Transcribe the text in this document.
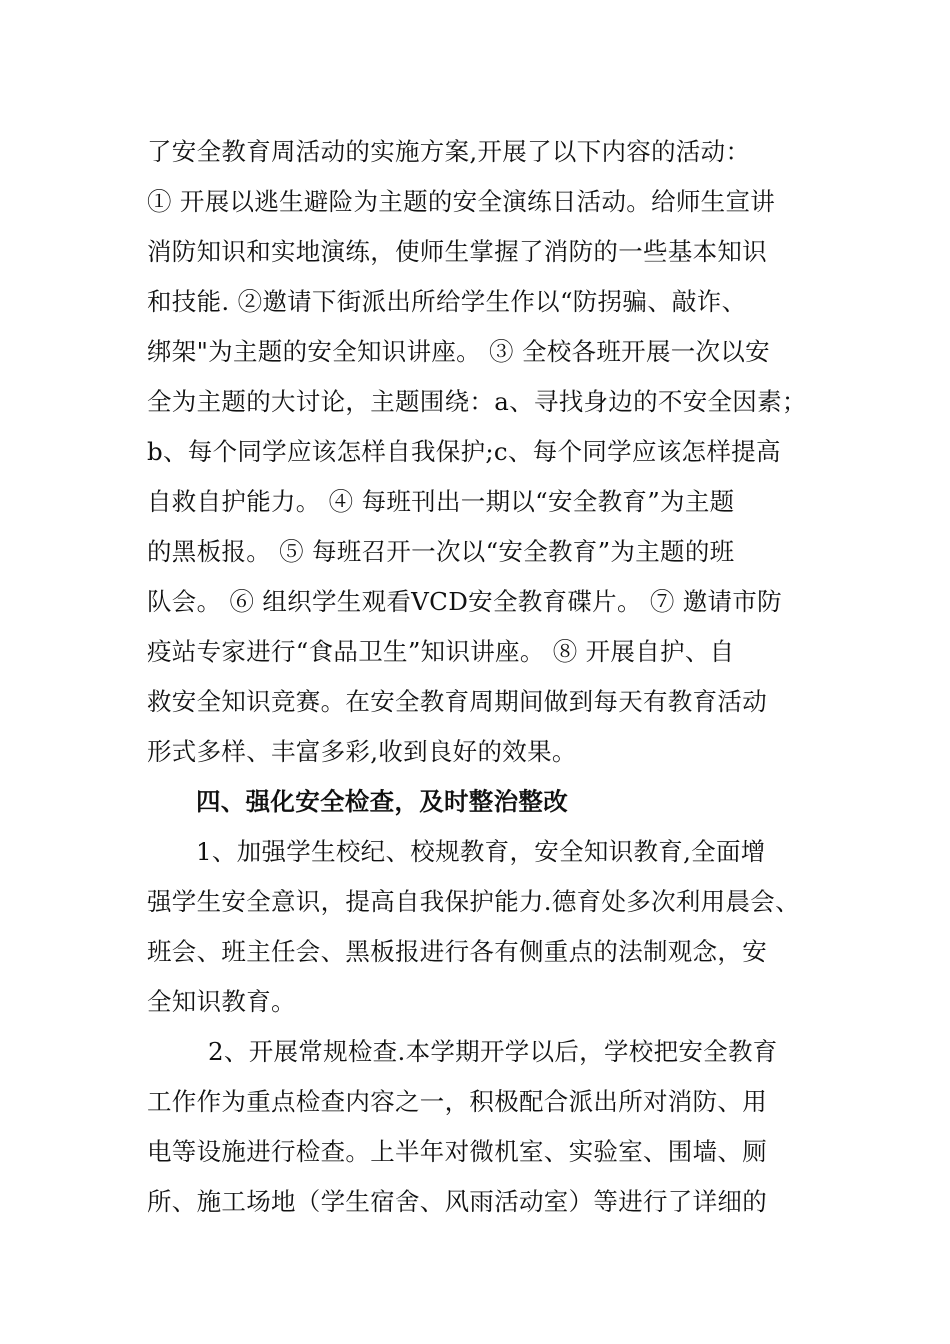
了安全教育周活动的实施方案,开展了以下内容的活动：
① 开展以逃生避险为主题的安全演练日活动。给师生宣讲
消防知识和实地演练，使师生掌握了消防的一些基本知识
和技能. ②邀请下街派出所给学生作以“防拐骗、敲诈、
绑架"为主题的安全知识讲座。 ③ 全校各班开展一次以安
全为主题的大讨论，主题围绕：a、寻找身边的不安全因素；
b、每个同学应该怎样自我保护;c、每个同学应该怎样提高
自救自护能力。 ④ 每班刊出一期以“安全教育”为主题
的黑板报。 ⑤ 每班召开一次以“安全教育”为主题的班
队会。 ⑥ 组织学生观看VCD安全教育碟片。 ⑦ 邀请市防
疫站专家进行“食品卫生”知识讲座。 ⑧ 开展自护、自
救安全知识竞赛。在安全教育周期间做到每天有教育活动
形式多样、丰富多彩,收到良好的效果。
四、强化安全检查，及时整治整改
1、加强学生校纪、校规教育，安全知识教育,全面增
强学生安全意识，提高自我保护能力.德育处多次利用晨会、
班会、班主任会、黑板报进行各有侧重点的法制观念，安
全知识教育。
2、开展常规检查.本学期开学以后，学校把安全教育
工作作为重点检查内容之一，积极配合派出所对消防、用
电等设施进行检查。上半年对微机室、实验室、围墙、厕
所、施工场地（学生宿舍、风雨活动室）等进行了详细的
